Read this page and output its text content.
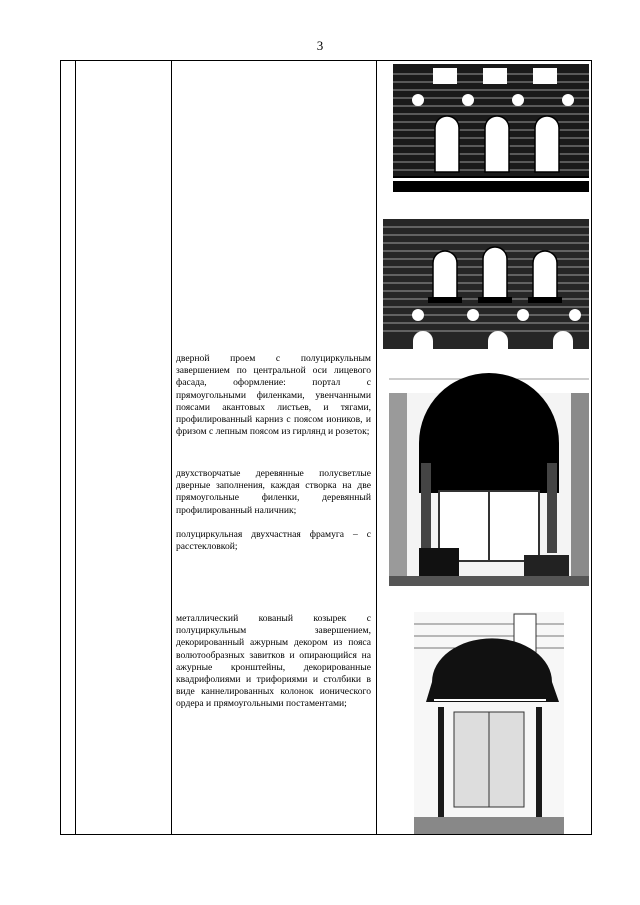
3

дверной проем с полуциркульным завершением по центральной оси лицевого фасада, оформление: портал с прямоугольными филенками, увенчанными поясами акантовых листьев, и тягами, профилированный карниз с поясом иоников, и фризом с лепным поясом из гирлянд и розеток;

двухстворчатые деревянные полусветлые дверные заполнения, каждая створка на две прямоугольные филенки, деревянный профилированный наличник;

полуциркульная двухчастная фрамуга – с расстекловкой;

металлический кованый козырек с полуциркульным завершением, декорированный ажурным декором из пояса волютообразных завитков и опирающийся на ажурные кронштейны, декорированные квадрифолиями и трифориями и столбики в виде каннелированных колонок ионического ордера и прямоугольными постаментами;
